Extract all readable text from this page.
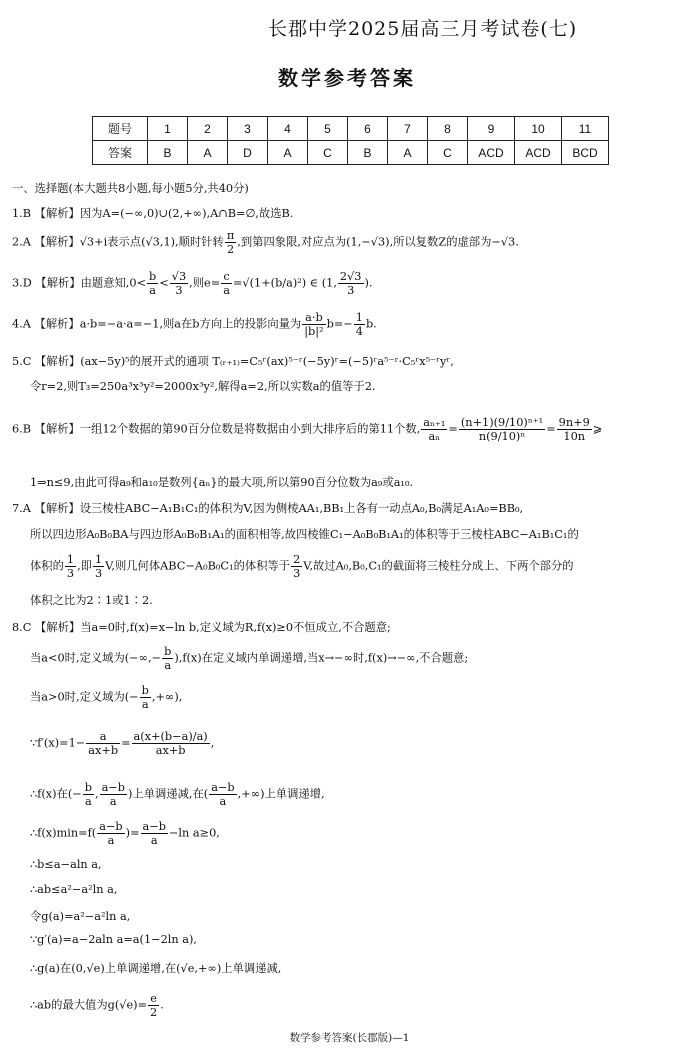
长郡中学2025届高三月考试卷(七)
数学参考答案
题号	1	2	3	4	5	6	7	8	9	10	11
答案	B	A	D	A	C	B	A	C	ACD	ACD	BCD
一、选择题(本大题共8小题,每小题5分,共40分)
1.B 【解析】因为A=(−∞,0)∪(2,+∞),A∩B=∅,故选B.
2.A 【解析】√3+i表示点(√3,1),顺时针转 $\frac{\pi}{2}$ ,到第四象限,对应点为(1,−√3),所以复数Z的虚部为−√3.
3.D 【解析】由题意知$,0< \frac{b}{a} < \frac{√3}{3}$ ,则$e= \frac{c}{a} =√(1+(b/a)^2)$ ∈ (1, $\frac{2√3}{3}$ ).
4.A 【解析】a·b=−a·a=−1,则a在b方向上的投影向量为 $\frac{a\cdot b}{\text{|b|²}} b=- \frac{1}{4} b$.
5.C 【解析】(ax−5y)⁵的展开式的通项 T₍ᵣ₊₁₎=C₅ʳ(ax)⁵⁻ʳ(−5y)ʳ=(−5)ʳa⁵⁻ʳ·C₅ʳx⁵⁻ʳyʳ,
令r=2,则T₃=250a³x³y²=2000x³y²,解得a=2,所以实数a的值等于2.
6.B 【解析】一组12个数据的第90百分位数是将数据由小到大排序后的第11个数, $\frac{\text{aₙ₊₁}}{\text{aₙ}} = \frac{\text{(n+1)(9/10)ⁿ⁺¹}}{\text{n(9/10)ⁿ}} = \frac{9n+9}{10n}$ ⩾
1⇒n≤9,由此可得a₉和a₁₀是数列{aₙ}的最大项,所以第90百分位数为a₉或a₁₀.
7.A 【解析】设三棱柱ABC−A₁B₁C₁的体积为V,因为侧棱AA₁,BB₁上各有一动点A₀,B₀满足A₁A₀=BB₀,
所以四边形A₀B₀BA与四边形A₀B₀B₁A₁的面积相等,故四棱锥C₁−A₀B₀B₁A₁的体积等于三棱柱ABC−A₁B₁C₁的
体积的 $\frac{1}{3}$ ,即 $\frac{1}{3} V$,则几何体ABC−A₀B₀C₁的体积等于 $\frac{2}{3} V$,故过A₀,B₀,C₁的截面将三棱柱分成上、下两个部分的
体积之比为2∶1或1∶2.
8.C 【解析】当a=0时,f(x)=x−ln b,定义域为R,f(x)≥0不恒成立,不合题意;
当a<0时,定义域为(−∞,− $\frac{b}{a} ),f(x)$在定义域内单调递增,当x→−∞时,f(x)→−∞,不合题意;
当a>0时,定义域为(− $\frac{b}{a}$ ,+∞),
∵f′(x)=1− $\frac{a}{ax+b} = \frac{a(x+(b-a)/a)}{ax+b}$ ,
∴f(x)在(− $\frac{b}{a}$ , $\frac{a-b}{a}$ )上单调递减,在( $\frac{a-b}{a}$ ,+∞)上单调递增,
∴f(x)min=f( $\frac{a-b}{a}$ )= $\frac{a-b}{a} -\ln$ a≥0,
∴b≤a−aln a,
∴ab≤a²−a²ln a,
令g(a)=a²−a²ln a,
∵g′(a)=a−2aln a=a(1−2ln a),
∴g(a)在(0,√e)上单调递增,在(√e,+∞)上单调递减,
∴ab的最大值为$g(√e)= \frac{e}{2}$ .
数学参考答案(长郡版)—1
